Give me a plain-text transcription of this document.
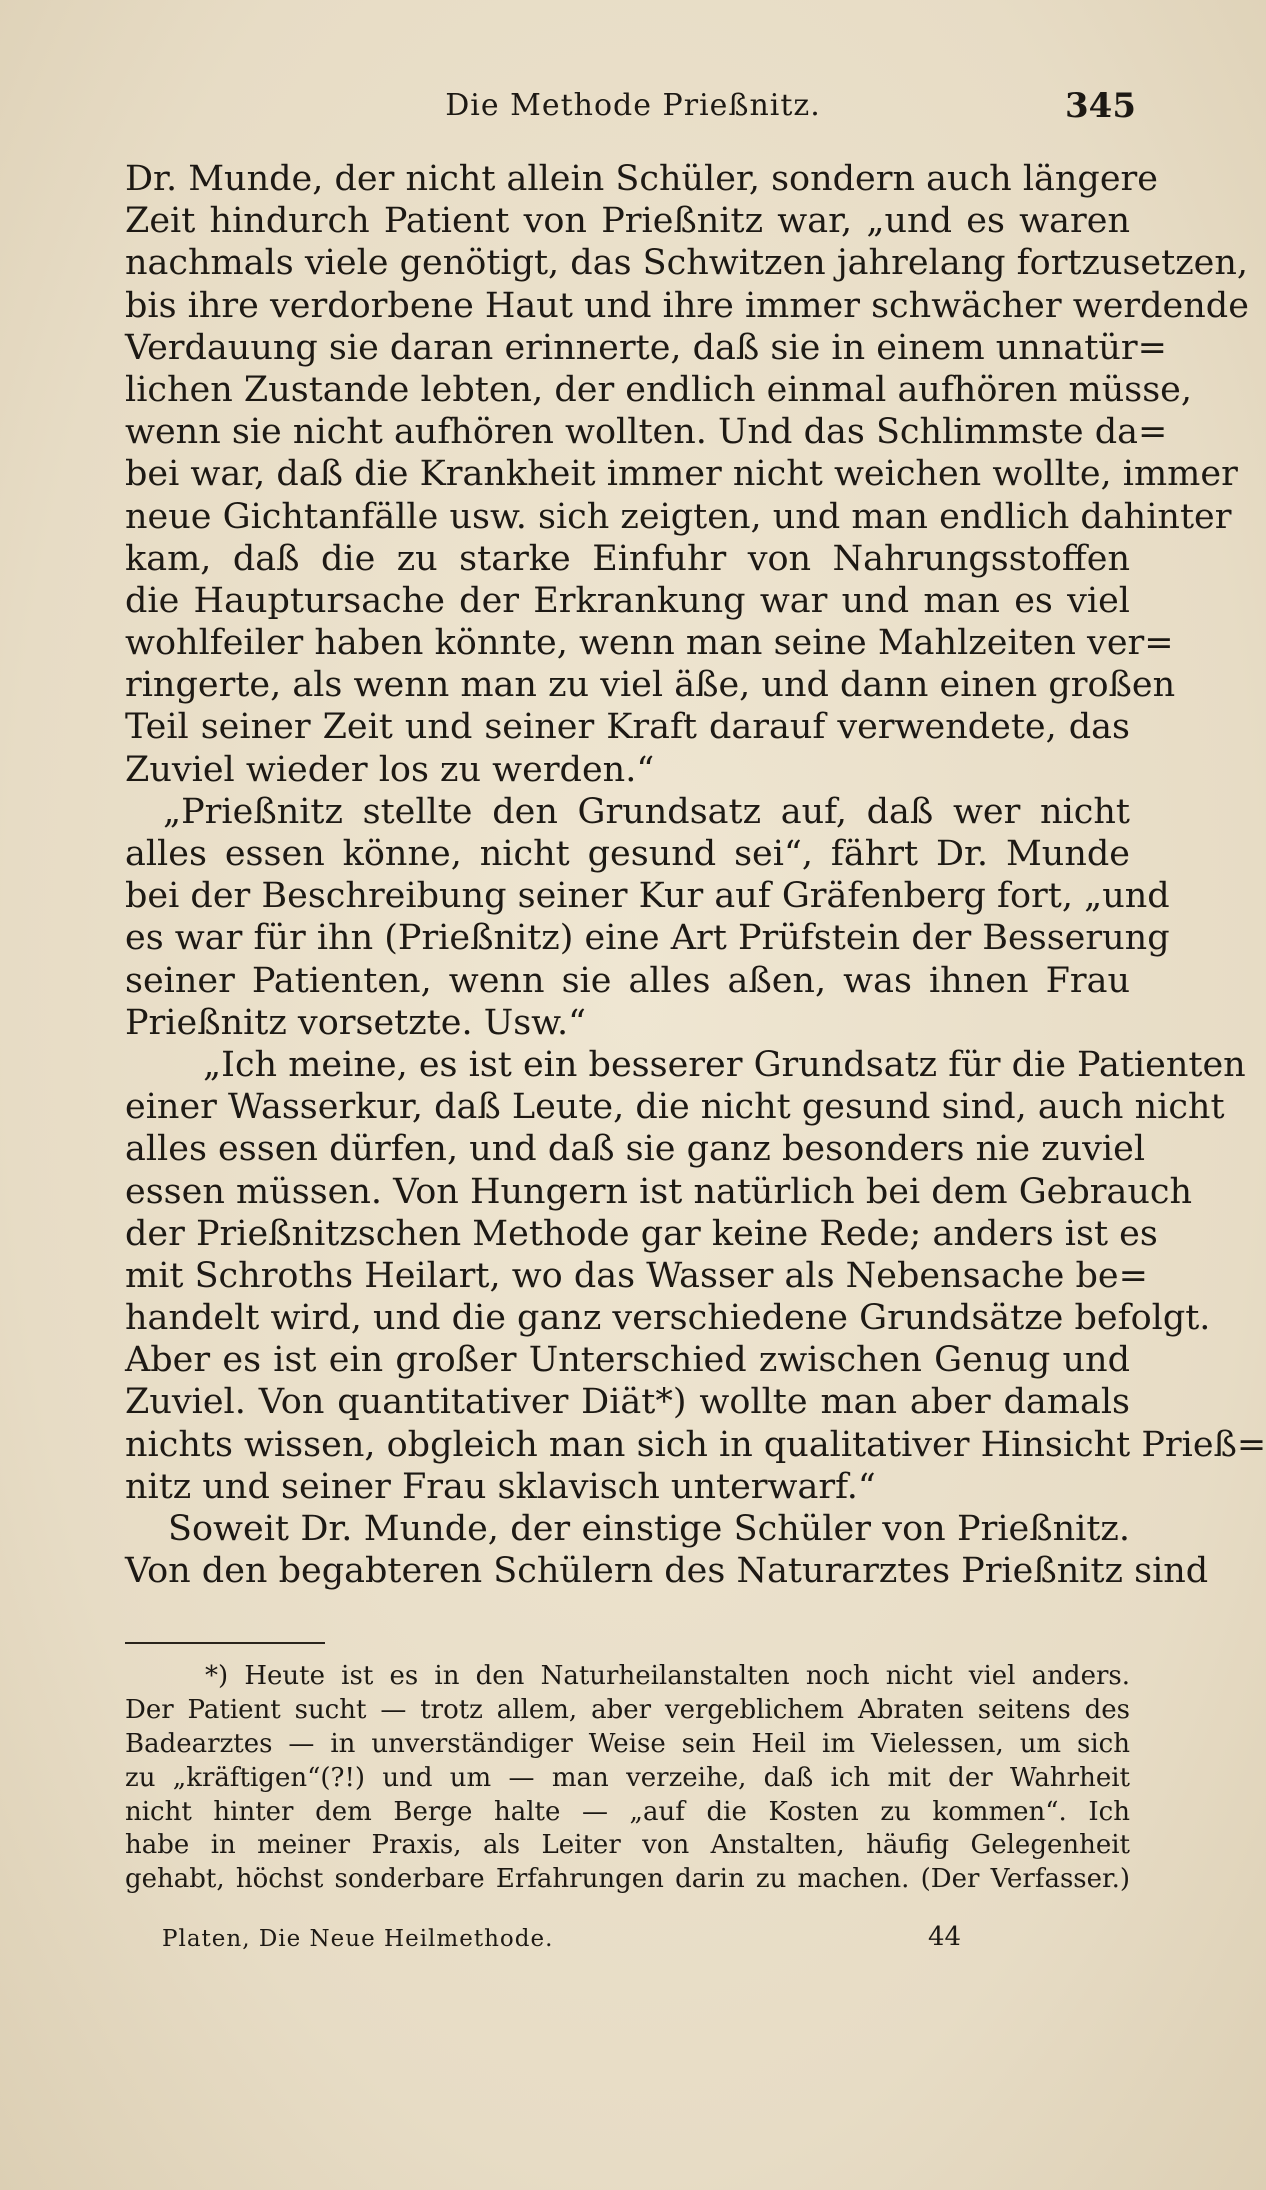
Die Methode Prießnitz.	345
Dr. Munde, der nicht allein Schüler, sondern auch längere
Zeit hindurch Patient von Prießnitz war, „und es waren
nachmals viele genötigt, das Schwitzen jahrelang fortzusetzen,
bis ihre verdorbene Haut und ihre immer schwächer werdende
Verdauung sie daran erinnerte, daß sie in einem unnatür=
lichen Zustande lebten, der endlich einmal aufhören müsse,
wenn sie nicht aufhören wollten. Und das Schlimmste da=
bei war, daß die Krankheit immer nicht weichen wollte, immer
neue Gichtanfälle usw. sich zeigten, und man endlich dahinter
kam, daß die zu starke Einfuhr von Nahrungsstoffen
die Hauptursache der Erkrankung war und man es viel
wohlfeiler haben könnte, wenn man seine Mahlzeiten ver=
ringerte, als wenn man zu viel äße, und dann einen großen
Teil seiner Zeit und seiner Kraft darauf verwendete, das
Zuviel wieder los zu werden.“
„Prießnitz stellte den Grundsatz auf, daß wer nicht
alles essen könne, nicht gesund sei“, fährt Dr. Munde
bei der Beschreibung seiner Kur auf Gräfenberg fort, „und
es war für ihn (Prießnitz) eine Art Prüfstein der Besserung
seiner Patienten, wenn sie alles aßen, was ihnen Frau
Prießnitz vorsetzte. Usw.“
„Ich meine, es ist ein besserer Grundsatz für die Patienten
einer Wasserkur, daß Leute, die nicht gesund sind, auch nicht
alles essen dürfen, und daß sie ganz besonders nie zuviel
essen müssen. Von Hungern ist natürlich bei dem Gebrauch
der Prießnitzschen Methode gar keine Rede; anders ist es
mit Schroths Heilart, wo das Wasser als Nebensache be=
handelt wird, und die ganz verschiedene Grundsätze befolgt.
Aber es ist ein großer Unterschied zwischen Genug und
Zuviel. Von quantitativer Diät*) wollte man aber damals
nichts wissen, obgleich man sich in qualitativer Hinsicht Prieß=
nitz und seiner Frau sklavisch unterwarf.“
Soweit Dr. Munde, der einstige Schüler von Prießnitz.
Von den begabteren Schülern des Naturarztes Prießnitz sind
*) Heute ist es in den Naturheilanstalten noch nicht viel anders.
Der Patient sucht — trotz allem, aber vergeblichem Abraten seitens des
Badearztes — in unverständiger Weise sein Heil im Vielessen, um sich
zu „kräftigen“(?!) und um — man verzeihe, daß ich mit der Wahrheit
nicht hinter dem Berge halte — „auf die Kosten zu kommen“. Ich
habe in meiner Praxis, als Leiter von Anstalten, häufig Gelegenheit
gehabt, höchst sonderbare Erfahrungen darin zu machen. (Der Verfasser.)
Platen, Die Neue Heilmethode.	44
